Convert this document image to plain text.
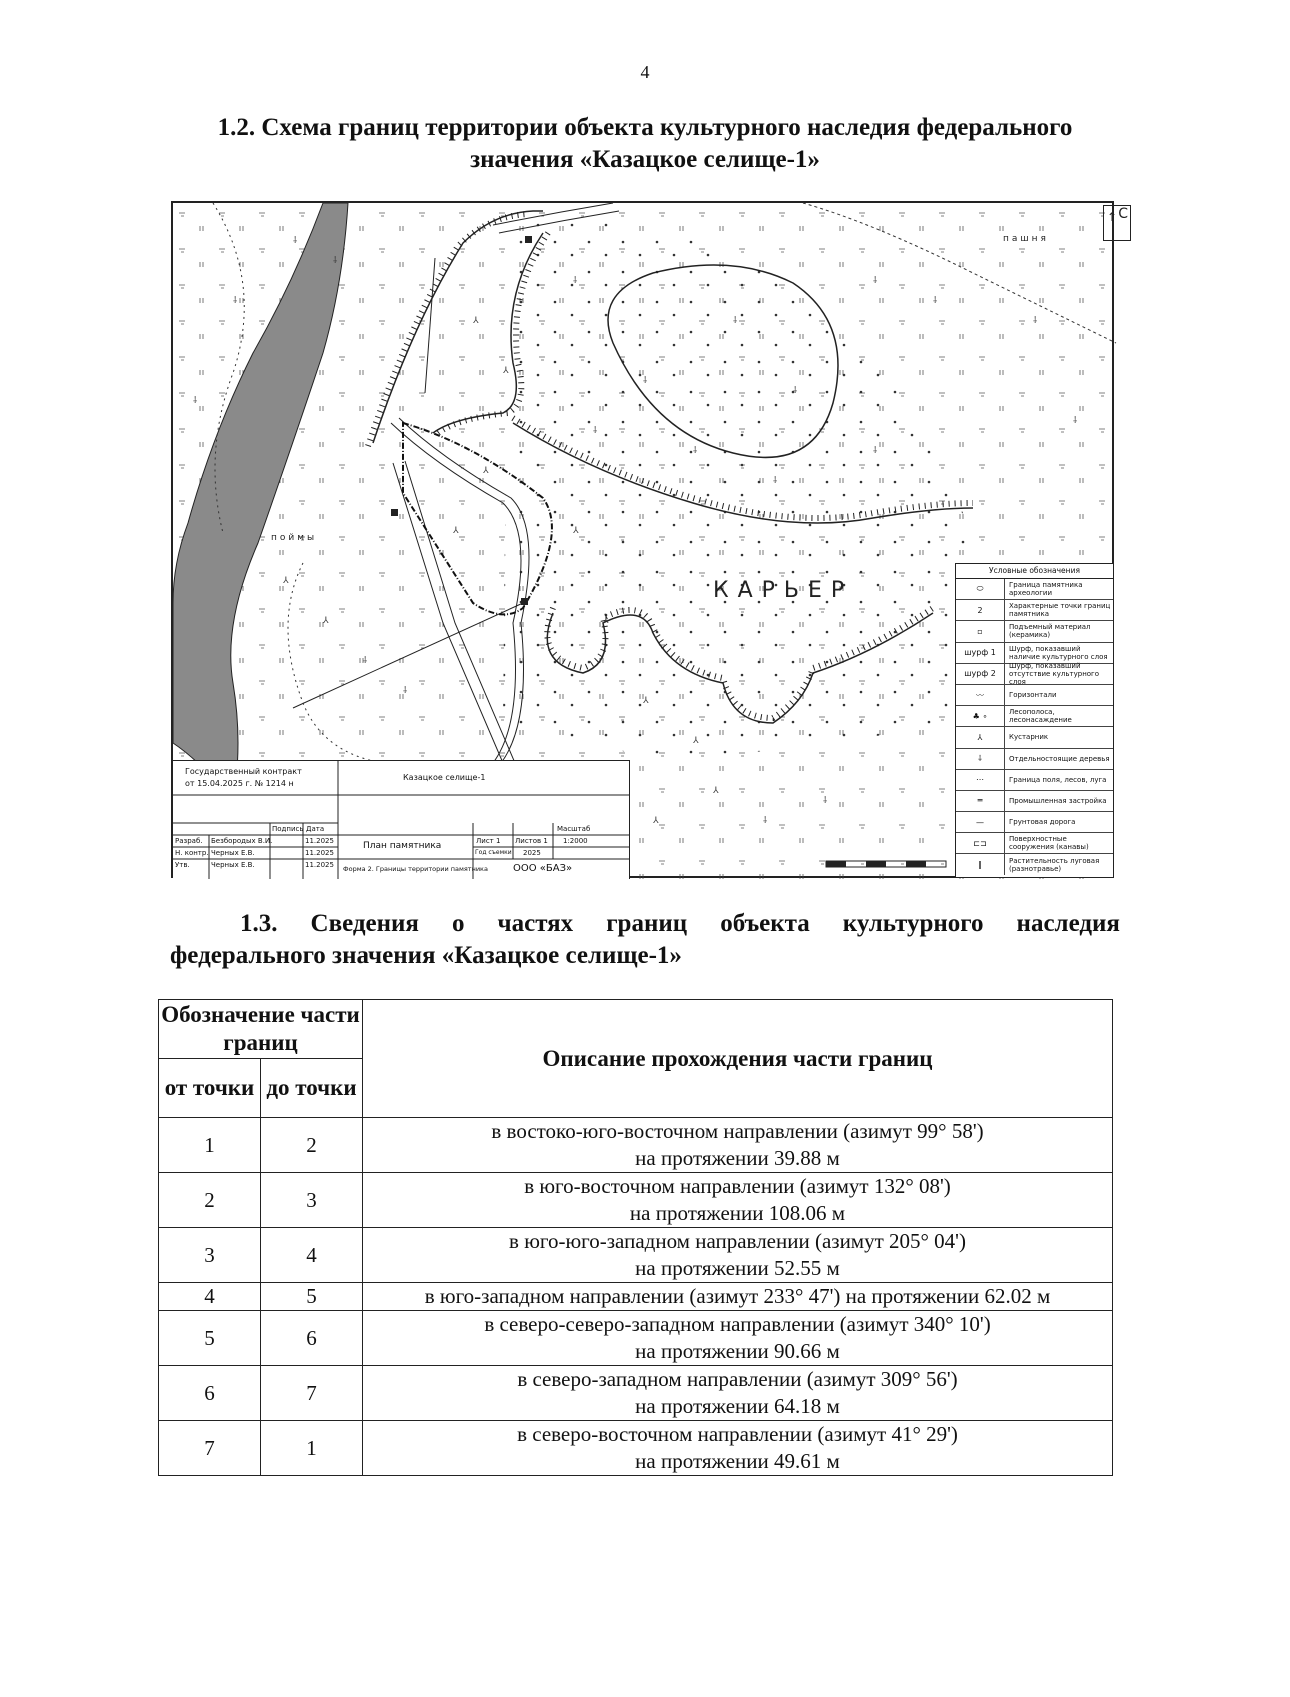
4
1.2. Схема границ территории объекта культурного наследия федерального
значения «Казацкое селище-1»
⸸
⸸
⸸
⸸
⸸
⸸
⸸
⸸
⅄
⅄
⅄
⅄
⅄
⅄
⅄
⅄
⸸
⸸
⸸
⸸
⅄
⅄
⸸
⸸
⸸
⸸
⸸
⸸
⸸
⸸
⅄
⅄
КАРЬЕР
пашня
поймы
↑ С
Условные обозначения
⬭	Граница памятника археологии
2	Характерные точки границ памятника
▫	Подъемный материал (керамика)
шурф 1	Шурф, показавший наличие культурного слоя
шурф 2
Шурф, показавший отсутствие культурного слоя
〰	Горизонтали
♣ ∘	Лесополоса, лесонасаждение
⅄	Кустарник
⸸	Отдельностоящие деревья
⋯	Граница поля, лесов, луга
═	Промышленная застройка
—	Грунтовая дорога
⊏⊐	Поверхностные сооружения (канавы)
‖	Растительность луговая (разнотравье)
Государственный контракт
от 15.04.2025 г. № 1214 н
Казацкое селище-1
План памятника
Подпись Дата
Разраб. Безбородых В.И.	11.2025
Н. контр. Черных Е.В.	11.2025
Утв.	Черных Е.В.	11.2025
Лист 1 Листов 1
Масштаб
1:2000
Год съемки 2025
Форма 2. Границы территории памятника	ООО «БАЗ»
1.3. Сведения о частях границ объекта культурного наследия
федерального значения «Казацкое селище-1»
Обозначение части границ		Описание прохождения части границ
от точки	до точки	
1	2	в востоко-юго-восточном направлении (азимут 99° 58')
на протяжении 39.88 м

2	3	в юго-восточном направлении (азимут 132° 08')
на протяжении 108.06 м

3	4	в юго-юго-западном направлении (азимут 205° 04')
на протяжении 52.55 м

4	5	в юго-западном направлении (азимут 233° 47') на протяжении 62.02 м

5	6	в северо-северо-западном направлении (азимут 340° 10')
на протяжении 90.66 м

6	7	в северо-западном направлении (азимут 309° 56')
на протяжении 64.18 м

7	1	в северо-восточном направлении (азимут 41° 29')
на протяжении 49.61 м
